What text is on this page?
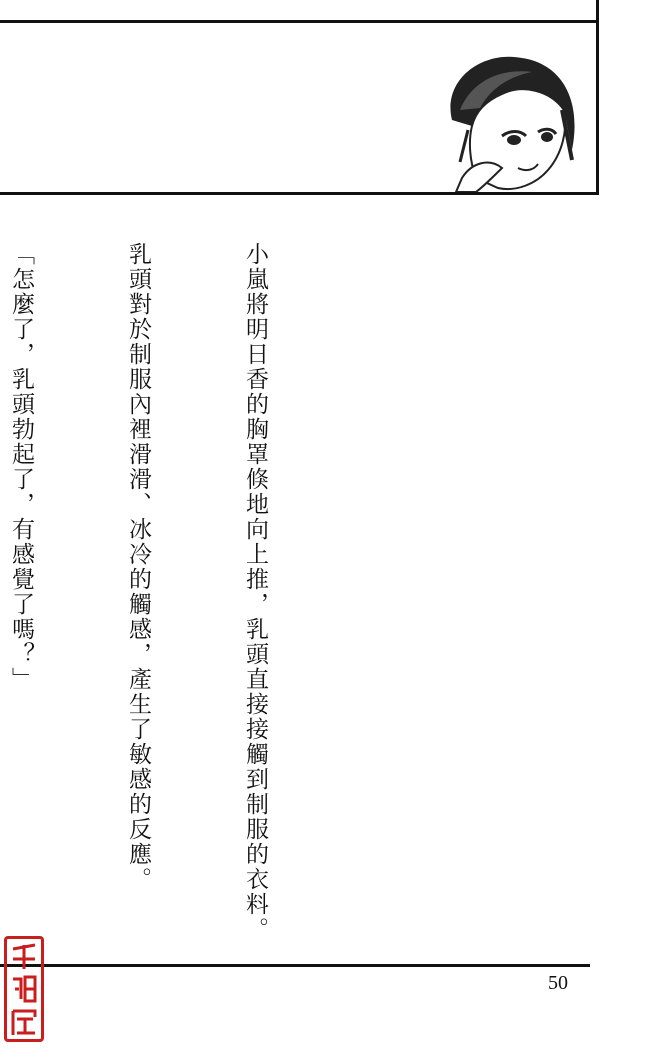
小嵐將明日香的胸罩倏地向上推，乳頭直接接觸到制服的衣料。

乳頭對於制服內裡滑滑、冰冷的觸感，產生了敏感的反應。

「怎麼了，乳頭勃起了，有感覺了嗎？」

50
